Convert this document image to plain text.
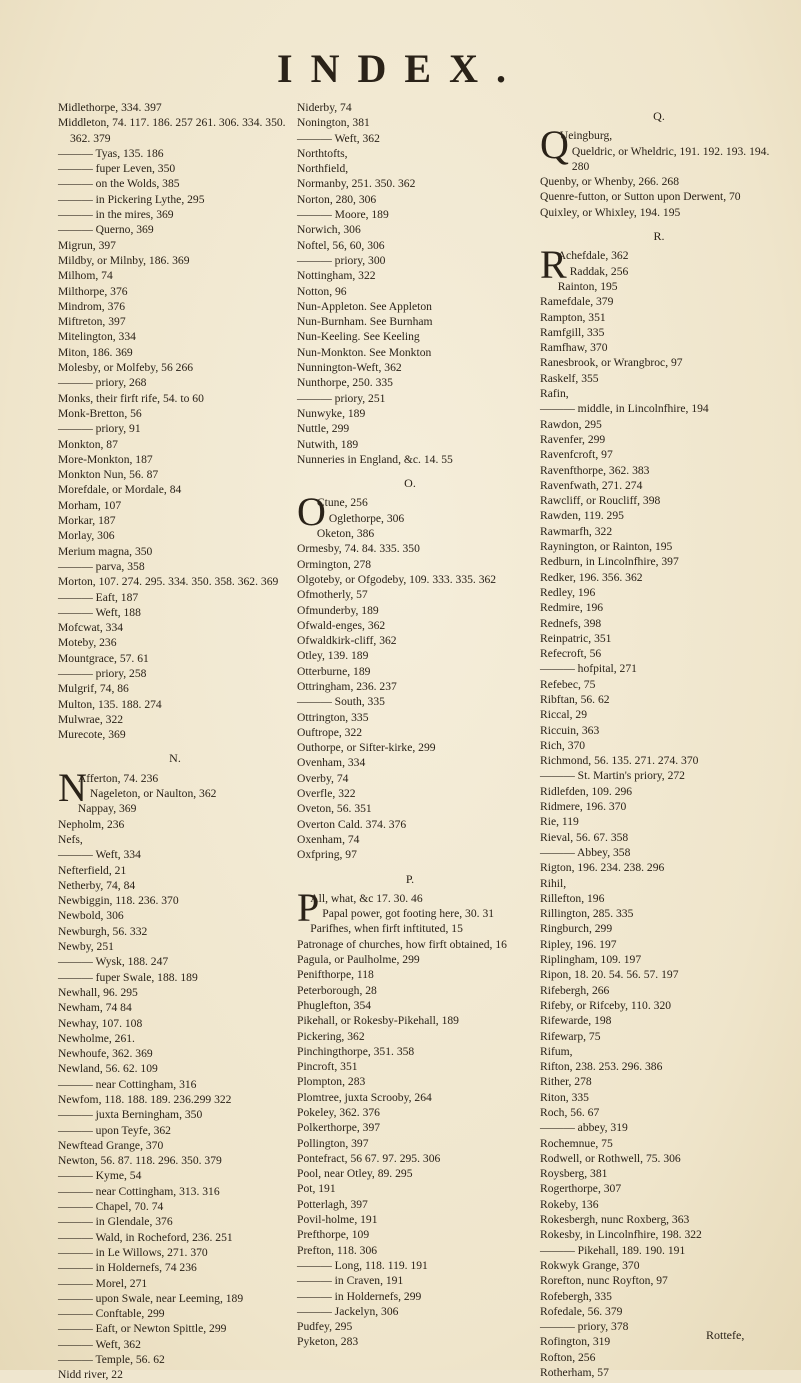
INDEX.
Midlethorpe, 334. 397
Middleton, 74. 117. 186. 257 261. 306. 334. 350. 362. 379
——— Tyas, 135. 186
——— fuper Leven, 350
——— on the Wolds, 385
——— in Pickering Lythe, 295
——— in the mires, 369
——— Querno, 369
Migrun, 397
Mildby, or Milnby, 186. 369
Milhom, 74
Milthorpe, 376
Mindrom, 376
Miftreton, 397
Mitelington, 334
Miton, 186. 369
Molesby, or Molfeby, 56 266
——— priory, 268
Monks, their firft rife, 54. to 60
Monk-Bretton, 56
——— priory, 91
Monkton, 87
More-Monkton, 187
Monkton Nun, 56. 87
Morefdale, or Mordale, 84
Morham, 107
Morkar, 187
Morlay, 306
Merium magna, 350
——— parva, 358
Morton, 107. 274. 295. 334. 350. 358. 362. 369
——— Eaft, 187
——— Weft, 188
Mofcwat, 334
Moteby, 236
Mountgrace, 57. 61
——— priory, 258
Mulgrif, 74, 86
Multon, 135. 188. 274
Mulwrae, 322
Murecote, 369
N.
N
Afferton, 74. 236
Nageleton, or Naulton, 362
Nappay, 369
Nepholm, 236
Nefs,
——— Weft, 334
Nefterfield, 21
Netherby, 74, 84
Newbiggin, 118. 236. 370
Newbold, 306
Newburgh, 56. 332
Newby, 251
——— Wysk, 188. 247
——— fuper Swale, 188. 189
Newhall, 96. 295
Newham, 74 84
Newhay, 107. 108
Newholme, 261.
Newhoufe, 362. 369
Newland, 56. 62. 109
——— near Cottingham, 316
Newfom, 118. 188. 189. 236.299 322
——— juxta Berningham, 350
——— upon Teyfe, 362
Newftead Grange, 370
Newton, 56. 87. 118. 296. 350. 379
——— Kyme, 54
——— near Cottingham, 313. 316
——— Chapel, 70. 74
——— in Glendale, 376
——— Wald, in Rocheford, 236. 251
——— in Le Willows, 271. 370
——— in Holdernefs, 74 236
——— Morel, 271
——— upon Swale, near Leeming, 189
——— Conftable, 299
——— Eaft, or Newton Spittle, 299
——— Weft, 362
——— Temple, 56. 62
Nidd river, 22
Niderby, 74
Nonington, 381
——— Weft, 362
Northtofts,
Northfield,
Normanby, 251. 350. 362
Norton, 280, 306
——— Moore, 189
Norwich, 306
Noftel, 56, 60, 306
——— priory, 300
Nottingham, 322
Notton, 96
Nun-Appleton. See Appleton
Nun-Burnham. See Burnham
Nun-Keeling. See Keeling
Nun-Monkton. See Monkton
Nunnington-Weft, 362
Nunthorpe, 250. 335
——— priory, 251
Nunwyke, 189
Nuttle, 299
Nutwith, 189
Nunneries in England, &c. 14. 55
O.
O
Ctune, 256
Oglethorpe, 306
Oketon, 386
Ormesby, 74. 84. 335. 350
Ormington, 278
Olgoteby, or Ofgodeby, 109. 333. 335. 362
Ofmotherly, 57
Ofmunderby, 189
Ofwald-enges, 362
Ofwaldkirk-cliff, 362
Otley, 139. 189
Otterburne, 189
Ottringham, 236. 237
——— South, 335
Ottrington, 335
Ouftrope, 322
Outhorpe, or Sifter-kirke, 299
Ovenham, 334
Overby, 74
Overfle, 322
Oveton, 56. 351
Overton Cald. 374. 376
Oxenham, 74
Oxfpring, 97
P.
P
All, what, &c 17. 30. 46
Papal power, got footing here, 30. 31
Parifhes, when firft inftituted, 15
Patronage of churches, how firft obtained, 16
Pagula, or Paulholme, 299
Penifthorpe, 118
Peterborough, 28
Phuglefton, 354
Pikehall, or Rokesby-Pikehall, 189
Pickering, 362
Pinchingthorpe, 351. 358
Pincroft, 351
Plompton, 283
Plomtree, juxta Scrooby, 264
Pokeley, 362. 376
Polkerthorpe, 397
Pollington, 397
Pontefract, 56 67. 97. 295. 306
Pool, near Otley, 89. 295
Pot, 191
Potterlagh, 397
Povil-holme, 191
Prefthorpe, 109
Prefton, 118. 306
——— Long, 118. 119. 191
——— in Craven, 191
——— in Holdernefs, 299
——— Jackelyn, 306
Pudfey, 295
Pyketon, 283
Q.
Q
Ueingburg,
Queldric, or Wheldric, 191. 192. 193. 194. 280
Quenby, or Whenby, 266. 268
Quenre-futton, or Sutton upon Derwent, 70
Quixley, or Whixley, 194. 195
R.
R
Achefdale, 362
Raddak, 256
Rainton, 195
Ramefdale, 379
Rampton, 351
Ramfgill, 335
Ramfhaw, 370
Ranesbrook, or Wrangbroc, 97
Raskelf, 355
Rafin,
——— middle, in Lincolnfhire, 194
Rawdon, 295
Ravenfer, 299
Ravenfcroft, 97
Ravenfthorpe, 362. 383
Ravenfwath, 271. 274
Rawcliff, or Roucliff, 398
Rawden, 119. 295
Rawmarfh, 322
Raynington, or Rainton, 195
Redburn, in Lincolnfhire, 397
Redker, 196. 356. 362
Redley, 196
Redmire, 196
Rednefs, 398
Reinpatric, 351
Refecroft, 56
——— hofpital, 271
Refebec, 75
Ribftan, 56. 62
Riccal, 29
Riccuin, 363
Rich, 370
Richmond, 56. 135. 271. 274. 370
——— St. Martin's priory, 272
Ridlefden, 109. 296
Ridmere, 196. 370
Rie, 119
Rieval, 56. 67. 358
——— Abbey, 358
Rigton, 196. 234. 238. 296
Rihil,
Rillefton, 196
Rillington, 285. 335
Ringburch, 299
Ripley, 196. 197
Riplingham, 109. 197
Ripon, 18. 20. 54. 56. 57. 197
Rifebergh, 266
Rifeby, or Rifceby, 110. 320
Rifewarde, 198
Rifewarp, 75
Rifum,
Rifton, 238. 253. 296. 386
Rither, 278
Riton, 335
Roch, 56. 67
——— abbey, 319
Rochemnue, 75
Rodwell, or Rothwell, 75. 306
Roysberg, 381
Rogerthorpe, 307
Rokeby, 136
Rokesbergh, nunc Roxberg, 363
Rokesby, in Lincolnfhire, 198. 322
——— Pikehall, 189. 190. 191
Rokwyk Grange, 370
Rorefton, nunc Royfton, 97
Rofebergh, 335
Rofedale, 56. 379
——— priory, 378
Rofington, 319
Rofton, 256
Rotherham, 57
Rottefe,
